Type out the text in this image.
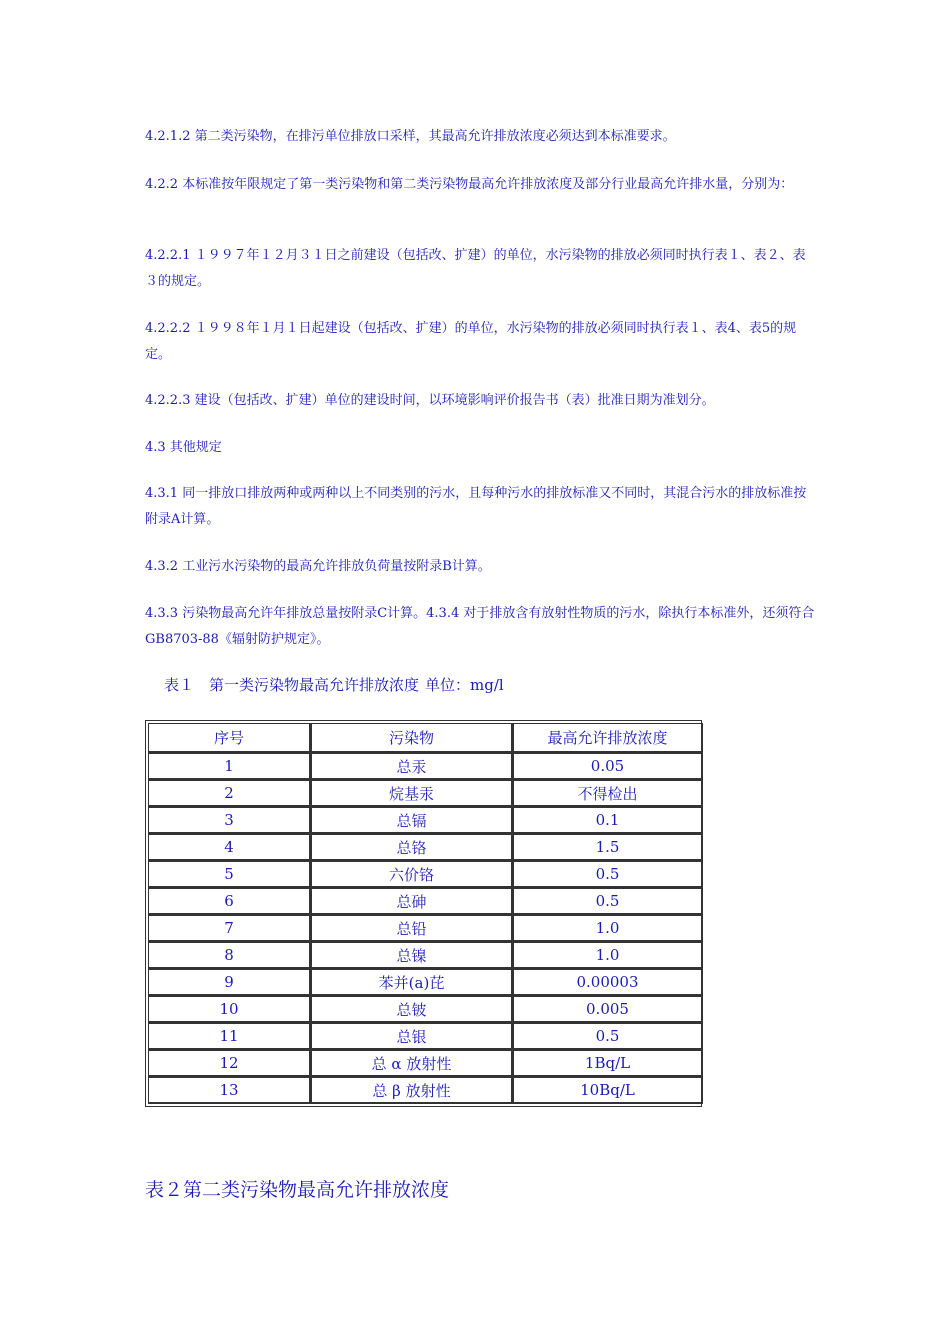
4.2.1.2 第二类污染物，在排污单位排放口采样，其最高允许排放浓度必须达到本标准要求。

4.2.2 本标准按年限规定了第一类污染物和第二类污染物最高允许排放浓度及部分行业最高允许排水量，分别为：

4.2.2.1 １９９７年１２月３１日之前建设（包括改、扩建）的单位，水污染物的排放必须同时执行表１、表２、表３的规定。

4.2.2.2 １９９８年１月１日起建设（包括改、扩建）的单位，水污染物的排放必须同时执行表１、表4、表5的规定。

4.2.2.3 建设（包括改、扩建）单位的建设时间，以环境影响评价报告书（表）批准日期为准划分。

4.3 其他规定

4.3.1 同一排放口排放两种或两种以上不同类别的污水，且每种污水的排放标准又不同时，其混合污水的排放标准按附录A计算。

4.3.2 工业污水污染物的最高允许排放负荷量按附录B计算。

4.3.3 污染物最高允许年排放总量按附录C计算。4.3.4 对于排放含有放射性物质的污水，除执行本标准外，还须符合GB8703-88《辐射防护规定》。

表１　第一类污染物最高允许排放浓度 单位：mg/l

序号	污染物	最高允许排放浓度
1	总汞	0.05
2	烷基汞	不得检出
3	总镉	0.1
4	总铬	1.5
5	六价铬	0.5
6	总砷	0.5
7	总铅	1.0
8	总镍	1.0
9	苯并(a)芘	0.00003
10	总铍	0.005
11	总银	0.5
12	总 α 放射性	1Bq/L
13	总 β 放射性	10Bq/L

表２第二类污染物最高允许排放浓度
